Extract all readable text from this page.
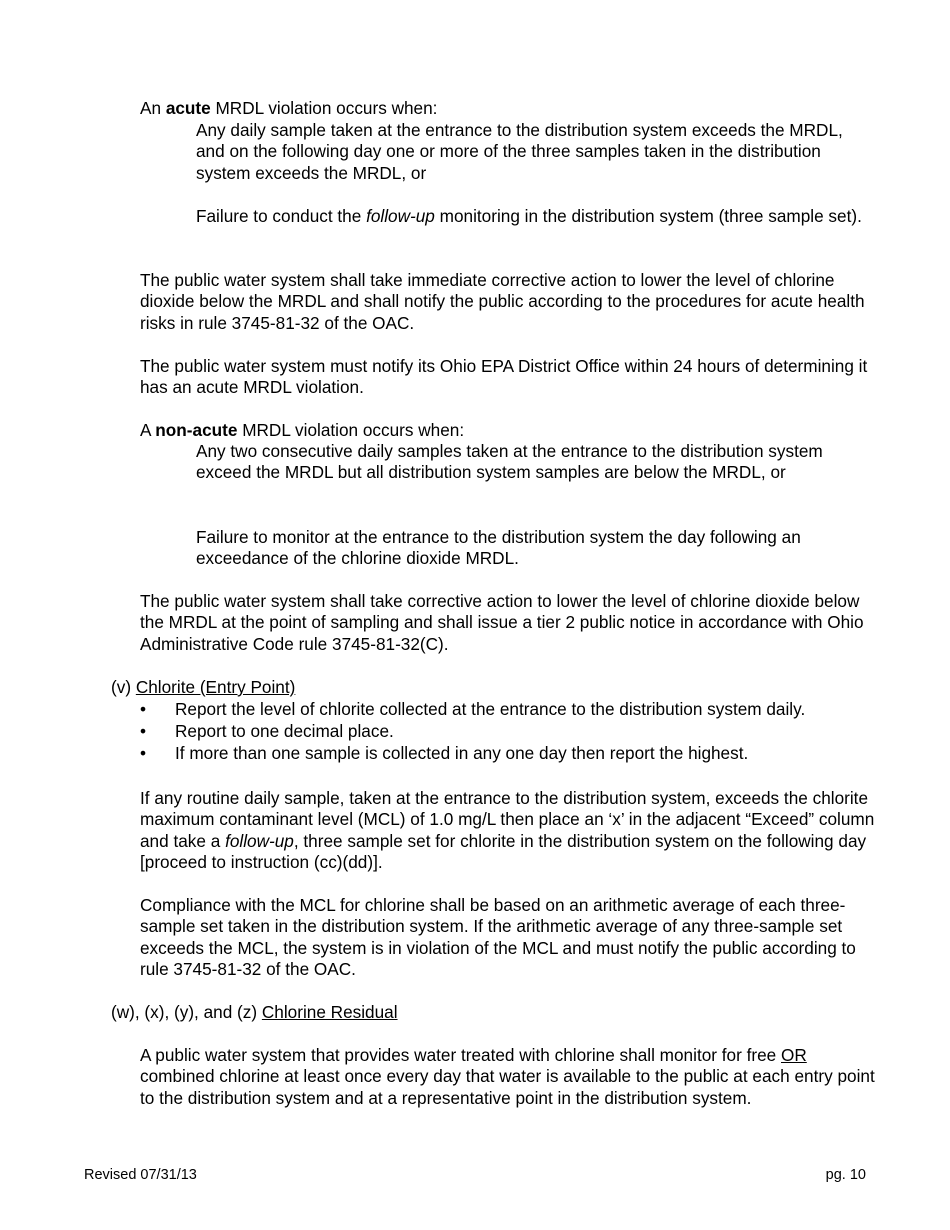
An acute MRDL violation occurs when:

Any daily sample taken at the entrance to the distribution system exceeds the MRDL, and on the following day one or more of the three samples taken in the distribution system exceeds the MRDL, or

Failure to conduct the follow-up monitoring in the distribution system (three sample set).

The public water system shall take immediate corrective action to lower the level of chlorine dioxide below the MRDL and shall notify the public according to the procedures for acute health risks in rule 3745-81-32 of the OAC.

The public water system must notify its Ohio EPA District Office within 24 hours of determining it has an acute MRDL violation.

A non-acute MRDL violation occurs when:

Any two consecutive daily samples taken at the entrance to the distribution system exceed the MRDL but all distribution system samples are below the MRDL, or

Failure to monitor at the entrance to the distribution system the day following an exceedance of the chlorine dioxide MRDL.

The public water system shall take corrective action to lower the level of chlorine dioxide below the MRDL at the point of sampling and shall issue a tier 2 public notice in accordance with Ohio Administrative Code rule 3745-81-32(C).

(v) Chlorite (Entry Point)

• Report the level of chlorite collected at the entrance to the distribution system daily.
• Report to one decimal place.
• If more than one sample is collected in any one day then report the highest.

If any routine daily sample, taken at the entrance to the distribution system, exceeds the chlorite maximum contaminant level (MCL) of 1.0 mg/L then place an ‘x’ in the adjacent “Exceed” column and take a follow-up, three sample set for chlorite in the distribution system on the following day [proceed to instruction (cc)(dd)].

Compliance with the MCL for chlorine shall be based on an arithmetic average of each three-sample set taken in the distribution system. If the arithmetic average of any three-sample set exceeds the MCL, the system is in violation of the MCL and must notify the public according to rule 3745-81-32 of the OAC.

(w), (x), (y), and (z) Chlorine Residual

A public water system that provides water treated with chlorine shall monitor for free OR combined chlorine at least once every day that water is available to the public at each entry point to the distribution system and at a representative point in the distribution system.

Revised 07/31/13	pg. 10
